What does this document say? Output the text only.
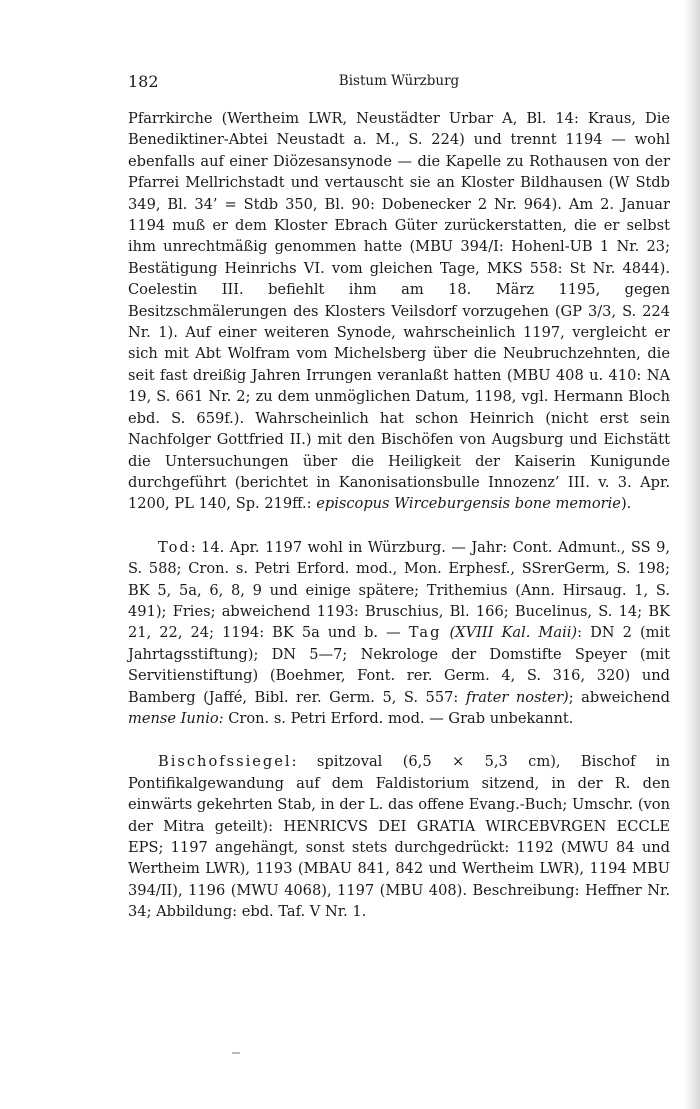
182	Bistum Würzburg

Pfarrkirche (Wertheim LWR, Neustädter Urbar A, Bl. 14: Kraus, Die Benediktiner-Abtei Neustadt a. M., S. 224) und trennt 1194 — wohl ebenfalls auf einer Diözesansynode — die Kapelle zu Rothausen von der Pfarrei Mellrichstadt und vertauscht sie an Kloster Bildhausen (W Stdb 349, Bl. 34’ = Stdb 350, Bl. 90: Dobenecker 2 Nr. 964). Am 2. Januar 1194 muß er dem Kloster Ebrach Güter zurückerstatten, die er selbst ihm unrechtmäßig genommen hatte (MBU 394/I: Hohenl-UB 1 Nr. 23; Bestätigung Heinrichs VI. vom gleichen Tage, MKS 558: St Nr. 4844). Coelestin III. befiehlt ihm am 18. März 1195, gegen Besitzschmälerungen des Klosters Veilsdorf vorzugehen (GP 3/3, S. 224 Nr. 1). Auf einer weiteren Synode, wahrscheinlich 1197, vergleicht er sich mit Abt Wolfram vom Michelsberg über die Neubruchzehnten, die seit fast dreißig Jahren Irrungen veranlaßt hatten (MBU 408 u. 410: NA 19, S. 661 Nr. 2; zu dem unmöglichen Datum, 1198, vgl. Hermann Bloch ebd. S. 659f.). Wahrscheinlich hat schon Heinrich (nicht erst sein Nachfolger Gottfried II.) mit den Bischöfen von Augsburg und Eichstätt die Untersuchungen über die Heiligkeit der Kaiserin Kunigunde durchgeführt (berichtet in Kanonisationsbulle Innozenz’ III. v. 3. Apr. 1200, PL 140, Sp. 219ff.: episcopus Wirceburgensis bone memorie).

Tod: 14. Apr. 1197 wohl in Würzburg. — Jahr: Cont. Admunt., SS 9, S. 588; Cron. s. Petri Erford. mod., Mon. Erphesf., SSrerGerm, S. 198; BK 5, 5a, 6, 8, 9 und einige spätere; Trithemius (Ann. Hirsaug. 1, S. 491); Fries; abweichend 1193: Bruschius, Bl. 166; Bucelinus, S. 14; BK 21, 22, 24; 1194: BK 5a und b. — Tag (XVIII Kal. Maii): DN 2 (mit Jahrtagsstiftung); DN 5—7; Nekrologe der Domstifte Speyer (mit Servitienstiftung) (Boehmer, Font. rer. Germ. 4, S. 316, 320) und Bamberg (Jaffé, Bibl. rer. Germ. 5, S. 557: frater noster); abweichend mense Iunio: Cron. s. Petri Erford. mod. — Grab unbekannt.

Bischofssiegel: spitzoval (6,5 × 5,3 cm), Bischof in Pontifikalgewandung auf dem Faldistorium sitzend, in der R. den einwärts gekehrten Stab, in der L. das offene Evang.-Buch; Umschr. (von der Mitra geteilt): HENRICVS DEI GRATIA WIRCEBVRGEN ECCLE EPS; 1197 angehängt, sonst stets durchgedrückt: 1192 (MWU 84 und Wertheim LWR), 1193 (MBAU 841, 842 und Wertheim LWR), 1194 MBU 394/II), 1196 (MWU 4068), 1197 (MBU 408). Beschreibung: Heffner Nr. 34; Abbildung: ebd. Taf. V Nr. 1.
